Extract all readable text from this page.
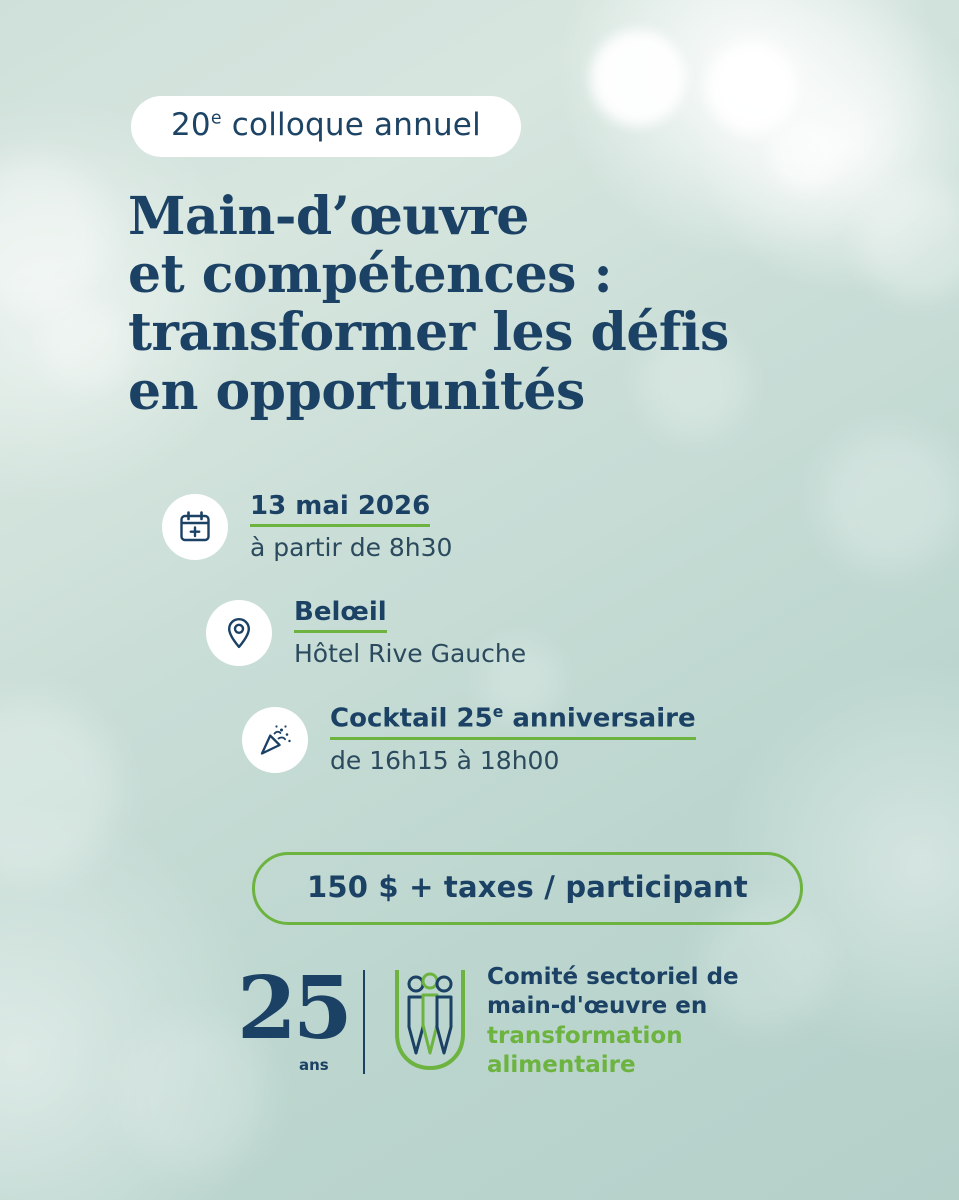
20e colloque annuel
Main-d’œuvre
et compétences :
transformer les défis
en opportunités
13 mai 2026
à partir de 8h30
Belœil
Hôtel Rive Gauche
Cocktail 25e anniversaire
de 16h15 à 18h00
150 $ + taxes / participant
25
ans
Comité sectoriel de
main-d'œuvre en
transformation
alimentaire
